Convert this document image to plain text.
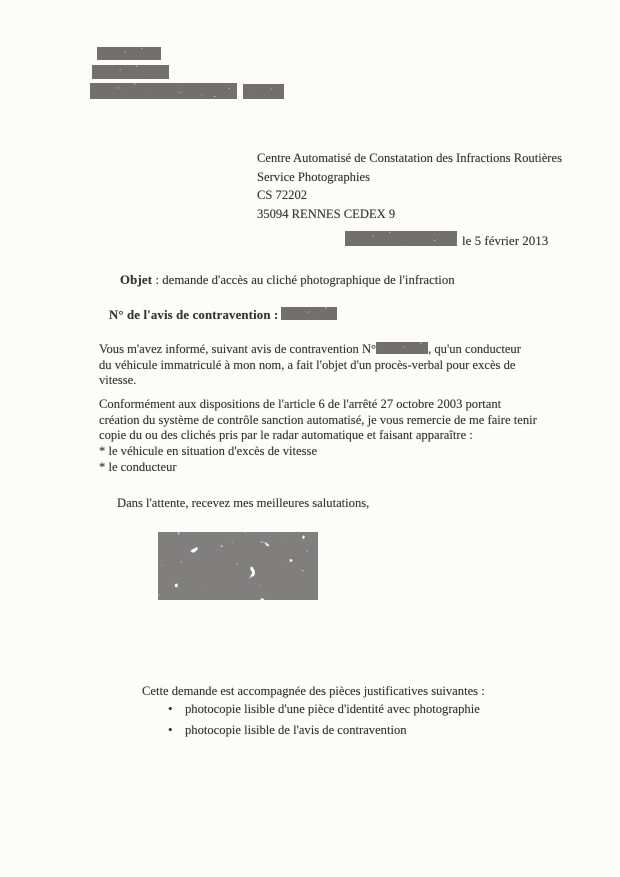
Centre Automatisé de Constatation des Infractions Routières
Service Photographies
CS 72202
35094 RENNES CEDEX 9
le 5 février 2013
Objet : demande d'accès au cliché photographique de l'infraction
N° de l'avis de contravention :
Vous m'avez informé, suivant avis de contravention N°	, qu'un conducteur
du véhicule immatriculé à mon nom, a fait l'objet d'un procès-verbal pour excès de
vitesse.
Conformément aux dispositions de l'article 6 de l'arrêté 27 octobre 2003 portant
création du système de contrôle sanction automatisé, je vous remercie de me faire tenir
copie du ou des clichés pris par le radar automatique et faisant apparaître :
* le véhicule en situation d'excès de vitesse
* le conducteur
Dans l'attente, recevez mes meilleures salutations,
Cette demande est accompagnée des pièces justificatives suivantes :
• photocopie lisible d'une pièce d'identité avec photographie
• photocopie lisible de l'avis de contravention
